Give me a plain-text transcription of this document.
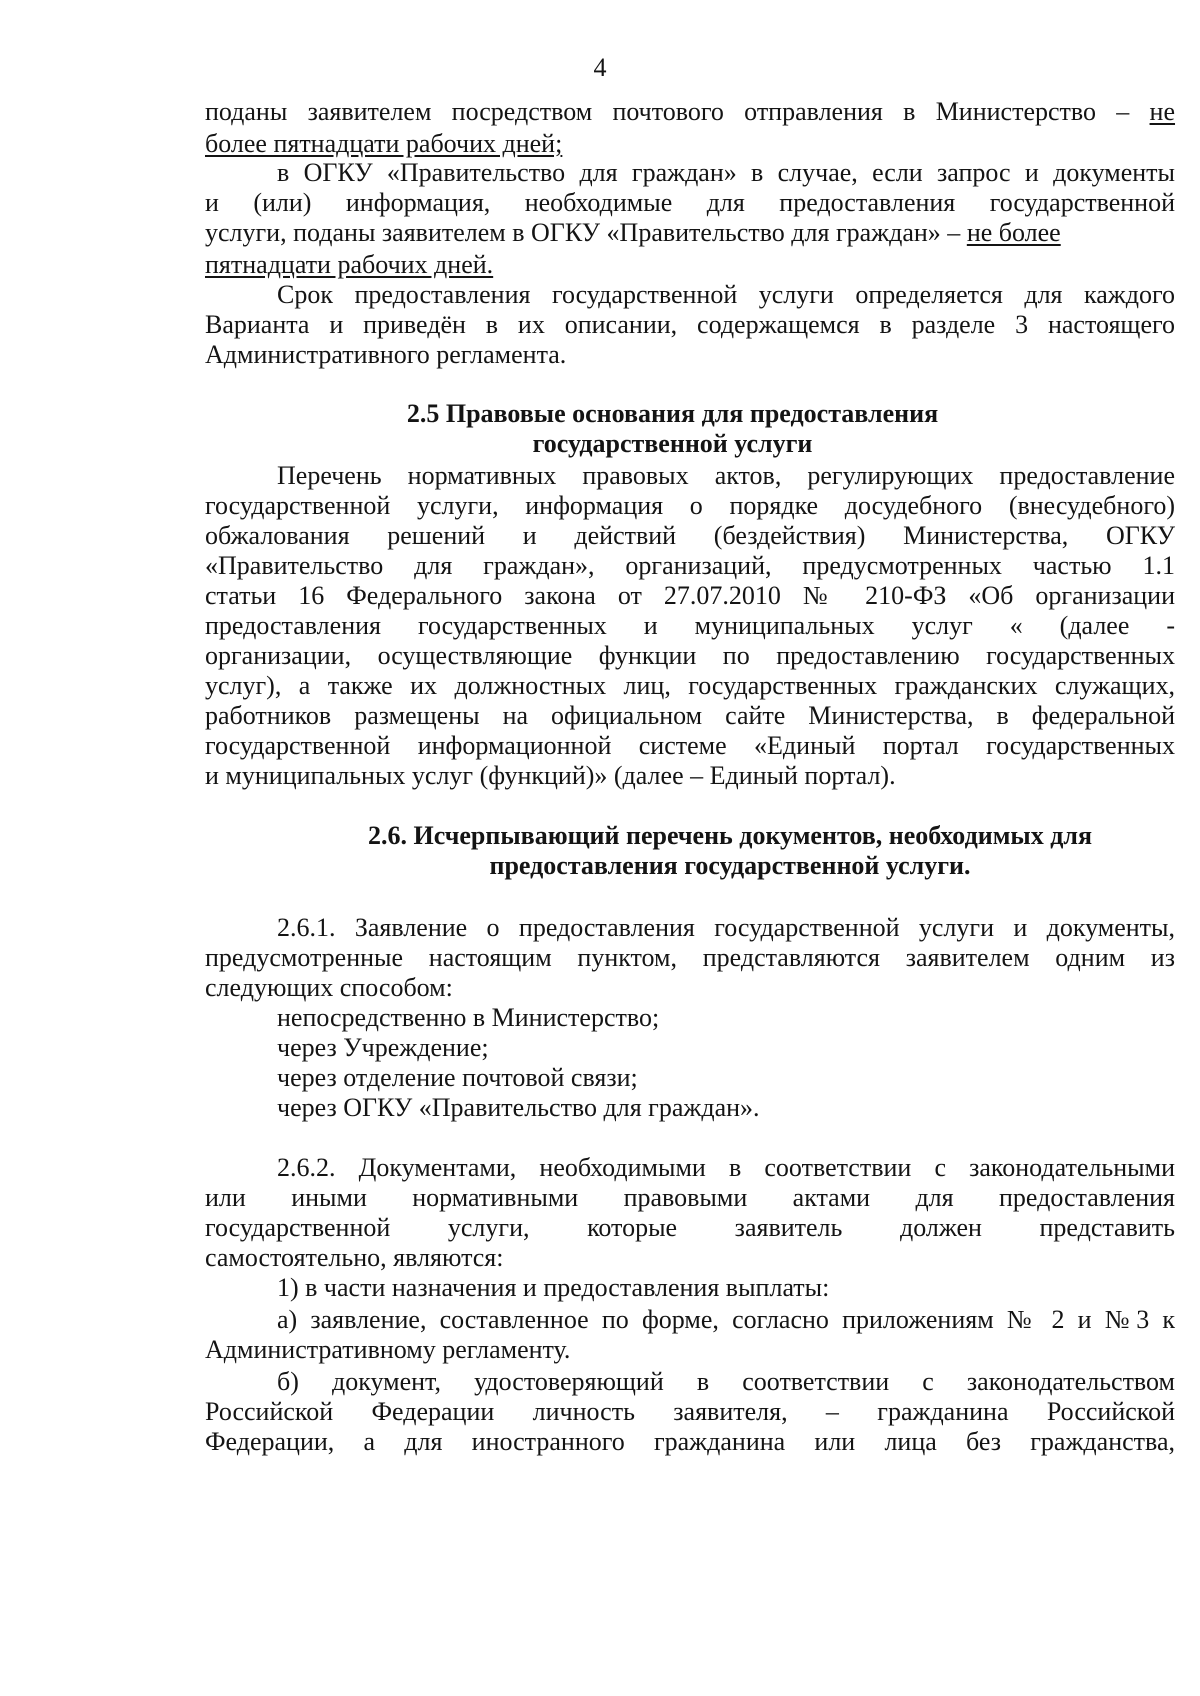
4
поданы заявителем посредством почтового отправления в Министерство – не
более пятнадцати рабочих дней;
в ОГКУ «Правительство для граждан» в случае, если запрос и документы
и (или) информация, необходимые для предоставления государственной
услуги, поданы заявителем в ОГКУ «Правительство для граждан» – не более
пятнадцати рабочих дней.
Срок предоставления государственной услуги определяется для каждого
Варианта и приведён в их описании, содержащемся в разделе 3 настоящего
Административного регламента.
2.5 Правовые основания для предоставления
государственной услуги
Перечень нормативных правовых актов, регулирующих предоставление
государственной услуги, информация о порядке досудебного (внесудебного)
обжалования решений и действий (бездействия) Министерства, ОГКУ
«Правительство для граждан», организаций, предусмотренных частью 1.1
статьи 16 Федерального закона от 27.07.2010 № 210-ФЗ «Об организации
предоставления государственных и муниципальных услуг « (далее -
организации, осуществляющие функции по предоставлению государственных
услуг), а также их должностных лиц, государственных гражданских служащих,
работников размещены на официальном сайте Министерства, в федеральной
государственной информационной системе «Единый портал государственных
и муниципальных услуг (функций)» (далее – Единый портал).
2.6. Исчерпывающий перечень документов, необходимых для
предоставления государственной услуги.
2.6.1. Заявление о предоставления государственной услуги и документы,
предусмотренные настоящим пунктом, представляются заявителем одним из
следующих способом:
непосредственно в Министерство;
через Учреждение;
через отделение почтовой связи;
через ОГКУ «Правительство для граждан».
2.6.2. Документами, необходимыми в соответствии с законодательными
или иными нормативными правовыми актами для предоставления
государственной услуги, которые заявитель должен представить
самостоятельно, являются:
1) в части назначения и предоставления выплаты:
а) заявление, составленное по форме, согласно приложениям № 2 и №3 к
Административному регламенту.
б) документ, удостоверяющий в соответствии с законодательством
Российской Федерации личность заявителя, – гражданина Российской
Федерации, а для иностранного гражданина или лица без гражданства,
